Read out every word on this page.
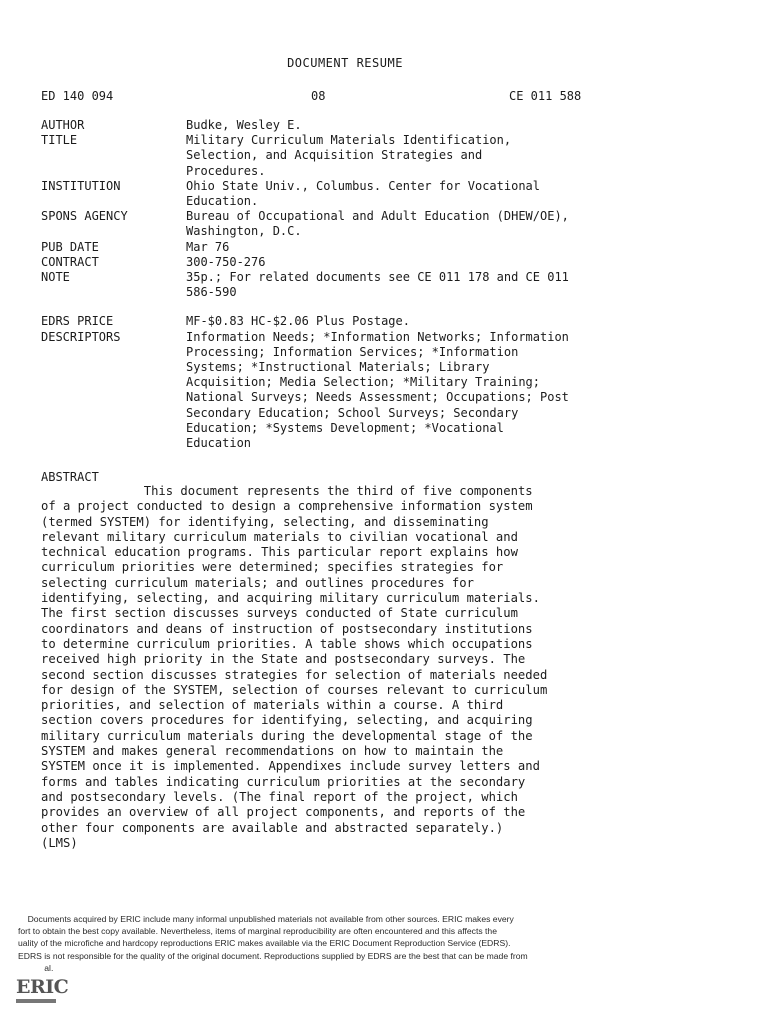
DOCUMENT RESUME
ED 140 094	08	CE 011 588
AUTHOR	Budke, Wesley E.
TITLE	Military Curriculum Materials Identification,
Selection, and Acquisition Strategies and
Procedures.
INSTITUTION	Ohio State Univ., Columbus. Center for Vocational
Education.
SPONS AGENCY	Bureau of Occupational and Adult Education (DHEW/OE),
Washington, D.C.
PUB DATE	Mar 76
CONTRACT	300-750-276
NOTE	35p.; For related documents see CE 011 178 and CE 011
586-590
EDRS PRICE	MF-$0.83 HC-$2.06 Plus Postage.
DESCRIPTORS	Information Needs; *Information Networks; Information
Processing; Information Services; *Information
Systems; *Instructional Materials; Library
Acquisition; Media Selection; *Military Training;
National Surveys; Needs Assessment; Occupations; Post
Secondary Education; School Surveys; Secondary
Education; *Systems Development; *Vocational
Education
ABSTRACT
This document represents the third of five components
of a project conducted to design a comprehensive information system
(termed SYSTEM) for identifying, selecting, and disseminating
relevant military curriculum materials to civilian vocational and
technical education programs. This particular report explains how
curriculum priorities were determined; specifies strategies for
selecting curriculum materials; and outlines procedures for
identifying, selecting, and acquiring military curriculum materials.
The first section discusses surveys conducted of State curriculum
coordinators and deans of instruction of postsecondary institutions
to determine curriculum priorities. A table shows which occupations
received high priority in the State and postsecondary surveys. The
second section discusses strategies for selection of materials needed
for design of the SYSTEM, selection of courses relevant to curriculum
priorities, and selection of materials within a course. A third
section covers procedures for identifying, selecting, and acquiring
military curriculum materials during the developmental stage of the
SYSTEM and makes general recommendations on how to maintain the
SYSTEM once it is implemented. Appendixes include survey letters and
forms and tables indicating curriculum priorities at the secondary
and postsecondary levels. (The final report of the project, which
provides an overview of all project components, and reports of the
other four components are available and abstracted separately.)
(LMS)
Documents acquired by ERIC include many informal unpublished materials not available from other sources. ERIC makes every
fort to obtain the best copy available. Nevertheless, items of marginal reproducibility are often encountered and this affects the
uality of the microfiche and hardcopy reproductions ERIC makes available via the ERIC Document Reproduction Service (EDRS).
EDRS is not responsible for the quality of the original document. Reproductions supplied by EDRS are the best that can be made from
al.
ERIC
